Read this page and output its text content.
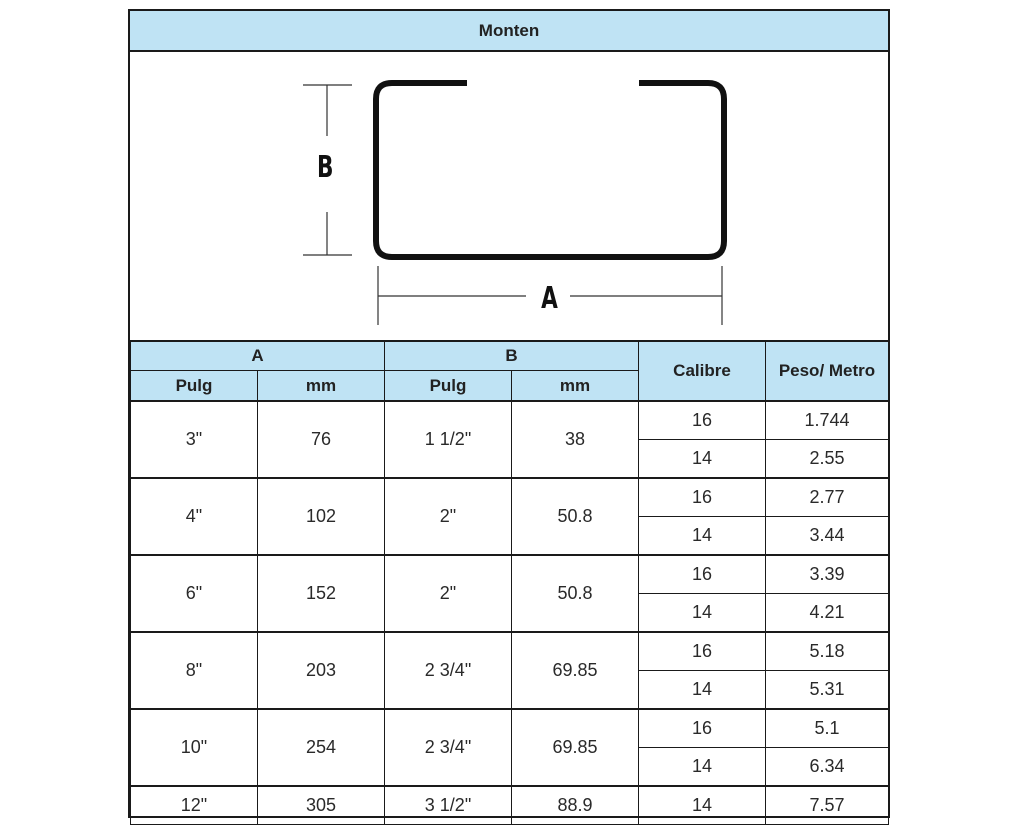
Monten
B
A
A		B		Calibre	Peso/ Metro
Pulg	mm	Pulg	mm		
3"	76	1 1/2"	38	16	1.744
				14	2.55
4"	102	2"	50.8	16	2.77
				14	3.44
6"	152	2"	50.8	16	3.39
				14	4.21
8"	203	2 3/4"	69.85	16	5.18
				14	5.31
10"	254	2 3/4"	69.85	16	5.1
				14	6.34
12"	305	3 1/2"	88.9	14	7.57
